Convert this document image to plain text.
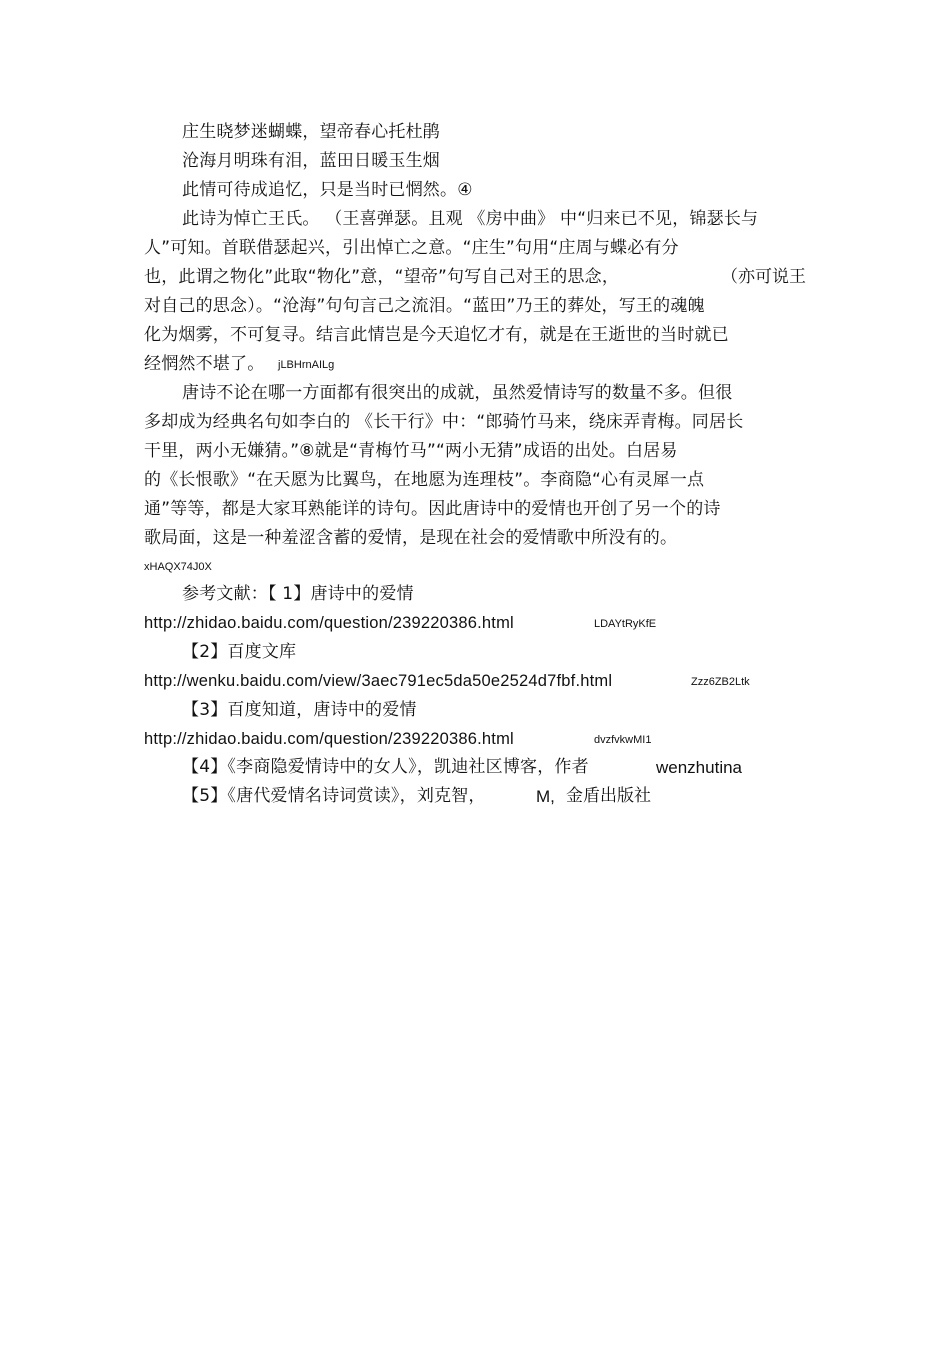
庄生晓梦迷蝴蝶，望帝春心托杜鹃
沧海月明珠有泪，蓝田日暖玉生烟
此情可待成追忆，只是当时已惘然。④
此诗为悼亡王氏。 （王喜弹瑟。且观 《房中曲》 中“归来已不见，锦瑟长与
人”可知。首联借瑟起兴，引出悼亡之意。“庄生”句用“庄周与蝶必有分
也，此谓之物化”此取“物化”意，“望帝”句写自己对王的思念，	（亦可说王
对自己的思念）。“沧海”句句言己之流泪。“蓝田”乃王的葬处，写王的魂魄
化为烟雾，不可复寻。结言此情岂是今天追忆才有，就是在王逝世的当时就已
经惘然不堪了。 jLBHrnAILg
唐诗不论在哪一方面都有很突出的成就，虽然爱情诗写的数量不多。但很
多却成为经典名句如李白的 《长干行》中：“郎骑竹马来，绕床弄青梅。同居长
干里，两小无嫌猜。”⑧就是“青梅竹马”“两小无猜”成语的出处。白居易
的《长恨歌》“在天愿为比翼鸟，在地愿为连理枝”。李商隐“心有灵犀一点
通”等等，都是大家耳熟能详的诗句。因此唐诗中的爱情也开创了另一个的诗
歌局面，这是一种羞涩含蓄的爱情，是现在社会的爱情歌中所没有的。
xHAQX74J0X
参考文献：【 1】唐诗中的爱情
http://zhidao.baidu.com/question/239220386.html	LDAYtRyKfE
【2】百度文库
http://wenku.baidu.com/view/3aec791ec5da50e2524d7fbf.html	Zzz6ZB2Ltk
【3】百度知道，唐诗中的爱情
http://zhidao.baidu.com/question/239220386.html	dvzfvkwMI1
【4】《李商隐爱情诗中的女人》，凯迪社区博客，作者	wenzhutina
【5】《唐代爱情名诗词赏读》，刘克智，	M, 金盾出版社
